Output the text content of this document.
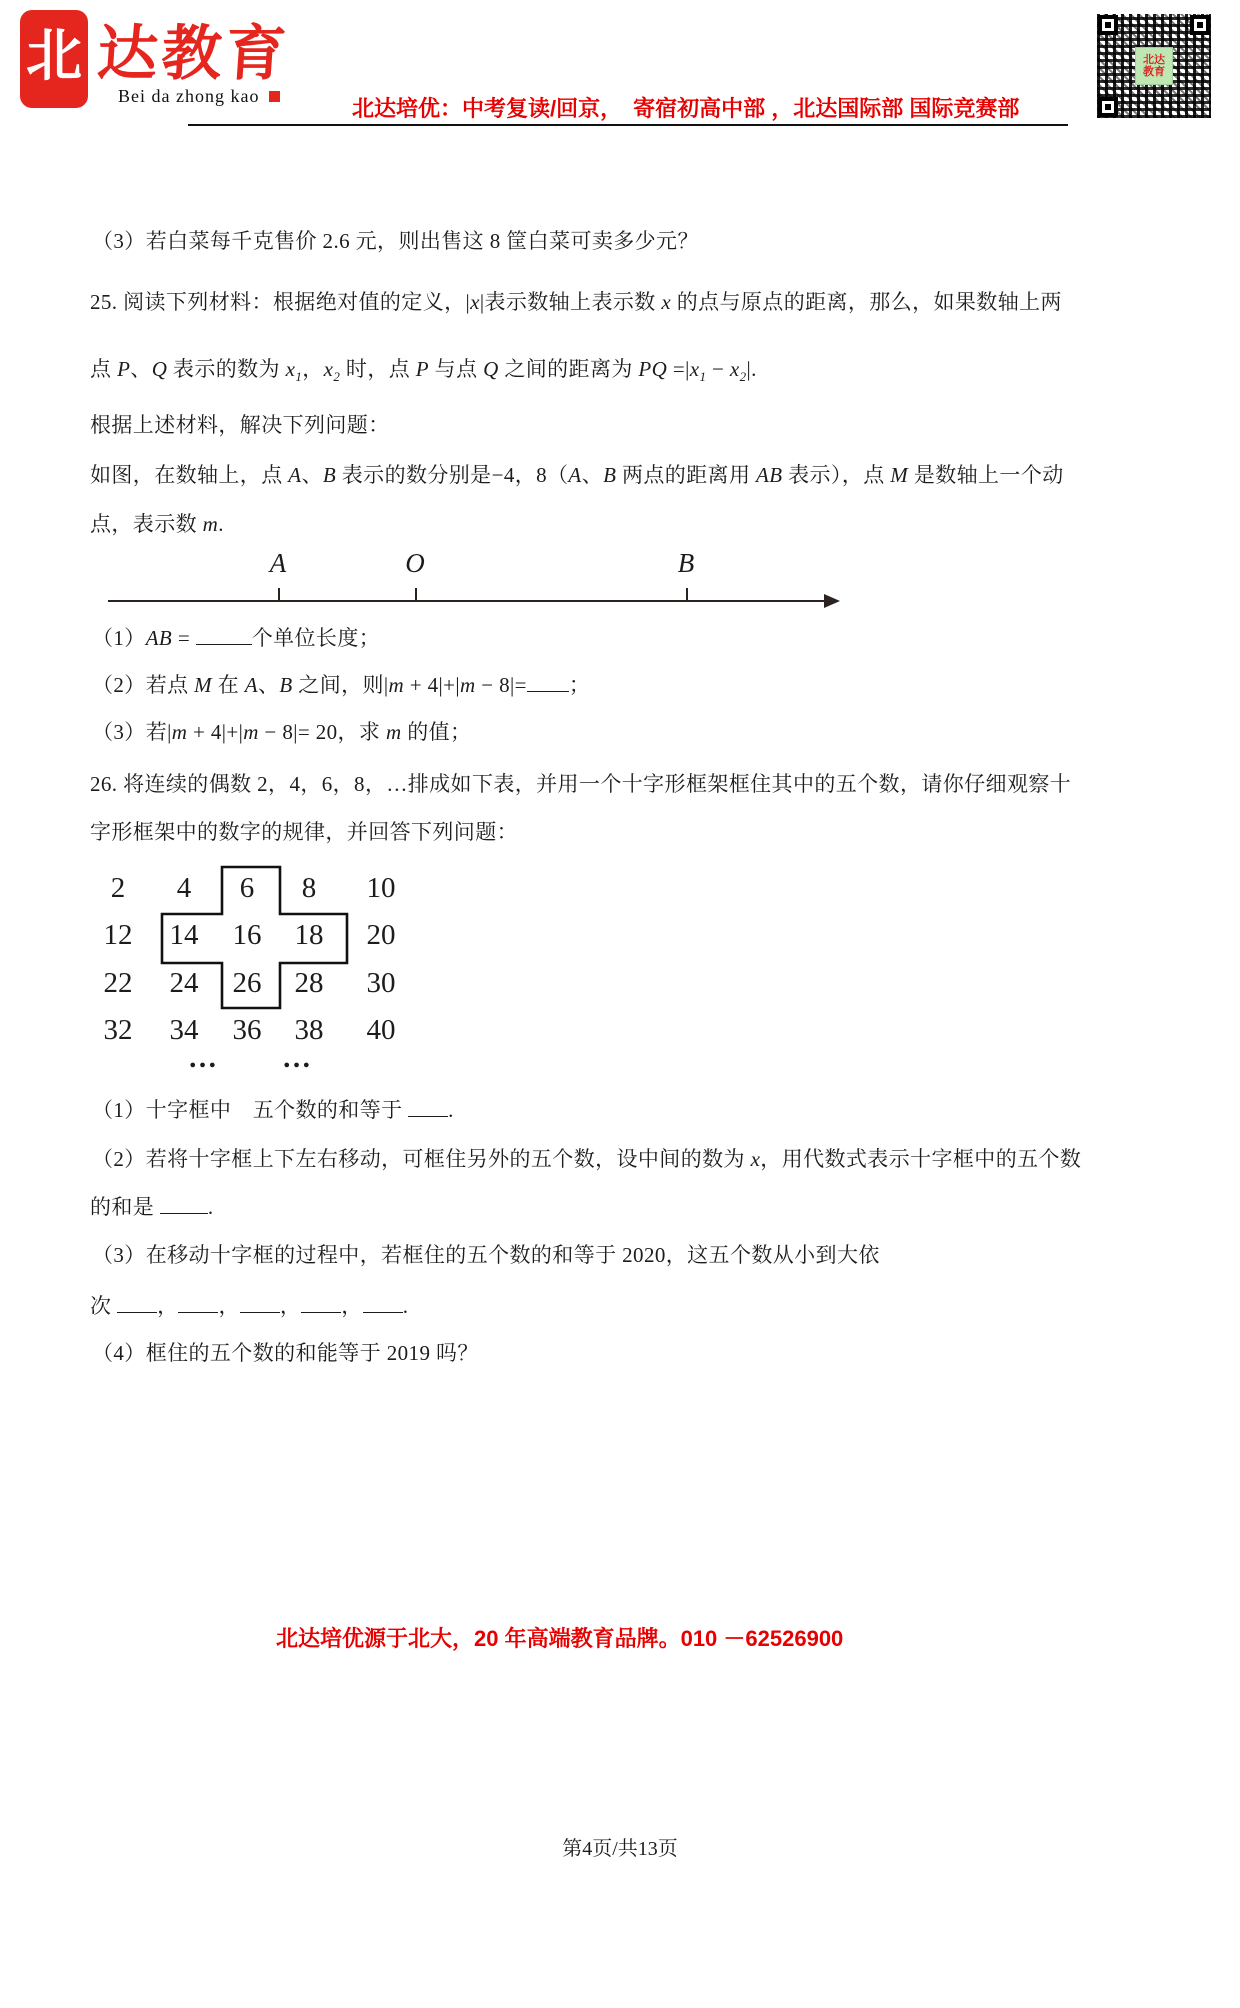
北 达教育
Bei da zhong kao	北达培优：中考复读/回京，　寄宿初高中部 ，北达国际部 国际竞赛部
北达
教育
（3）若白菜每千克售价 2.6 元，则出售这 8 筐白菜可卖多少元？
25. 阅读下列材料：根据绝对值的定义，|x|表示数轴上表示数 x 的点与原点的距离，那么，如果数轴上两
点 P、Q 表示的数为 $x_1$，$x_2$ 时，点 P 与点 Q 之间的距离为 PQ $=|x_1 - x_2|$.
根据上述材料，解决下列问题：
如图，在数轴上，点 A、B 表示的数分别是−4，8（A、B 两点的距离用 AB 表示），点 M 是数轴上一个动
点，表示数 m.
A	O	B
（1）AB =	个单位长度；
（2）若点 M 在 A、B 之间，则|m + 4|+|m − 8|= ；
（3）若|m + 4|+|m − 8|= 20，求 m 的值；
26. 将连续的偶数 2，4，6，8，…排成如下表，并用一个十字形框架框住其中的五个数，请你仔细观察十
字形框架中的数字的规律，并回答下列问题：
2 4 6 8 10
12 14 16 18 20
22 24 26 28 30
32 34 36 38 40
… …
（1）十字框中　五个数的和等于 .
（2）若将十字框上下左右移动，可框住另外的五个数，设中间的数为 x，用代数式表示十字框中的五个数
的和是 .
（3）在移动十字框的过程中，若框住的五个数的和等于 2020，这五个数从小到大依
次 ， ， ， ， .
（4）框住的五个数的和能等于 2019 吗？
北达培优源于北大，20 年高端教育品牌。010 －62526900
第4页/共13页
